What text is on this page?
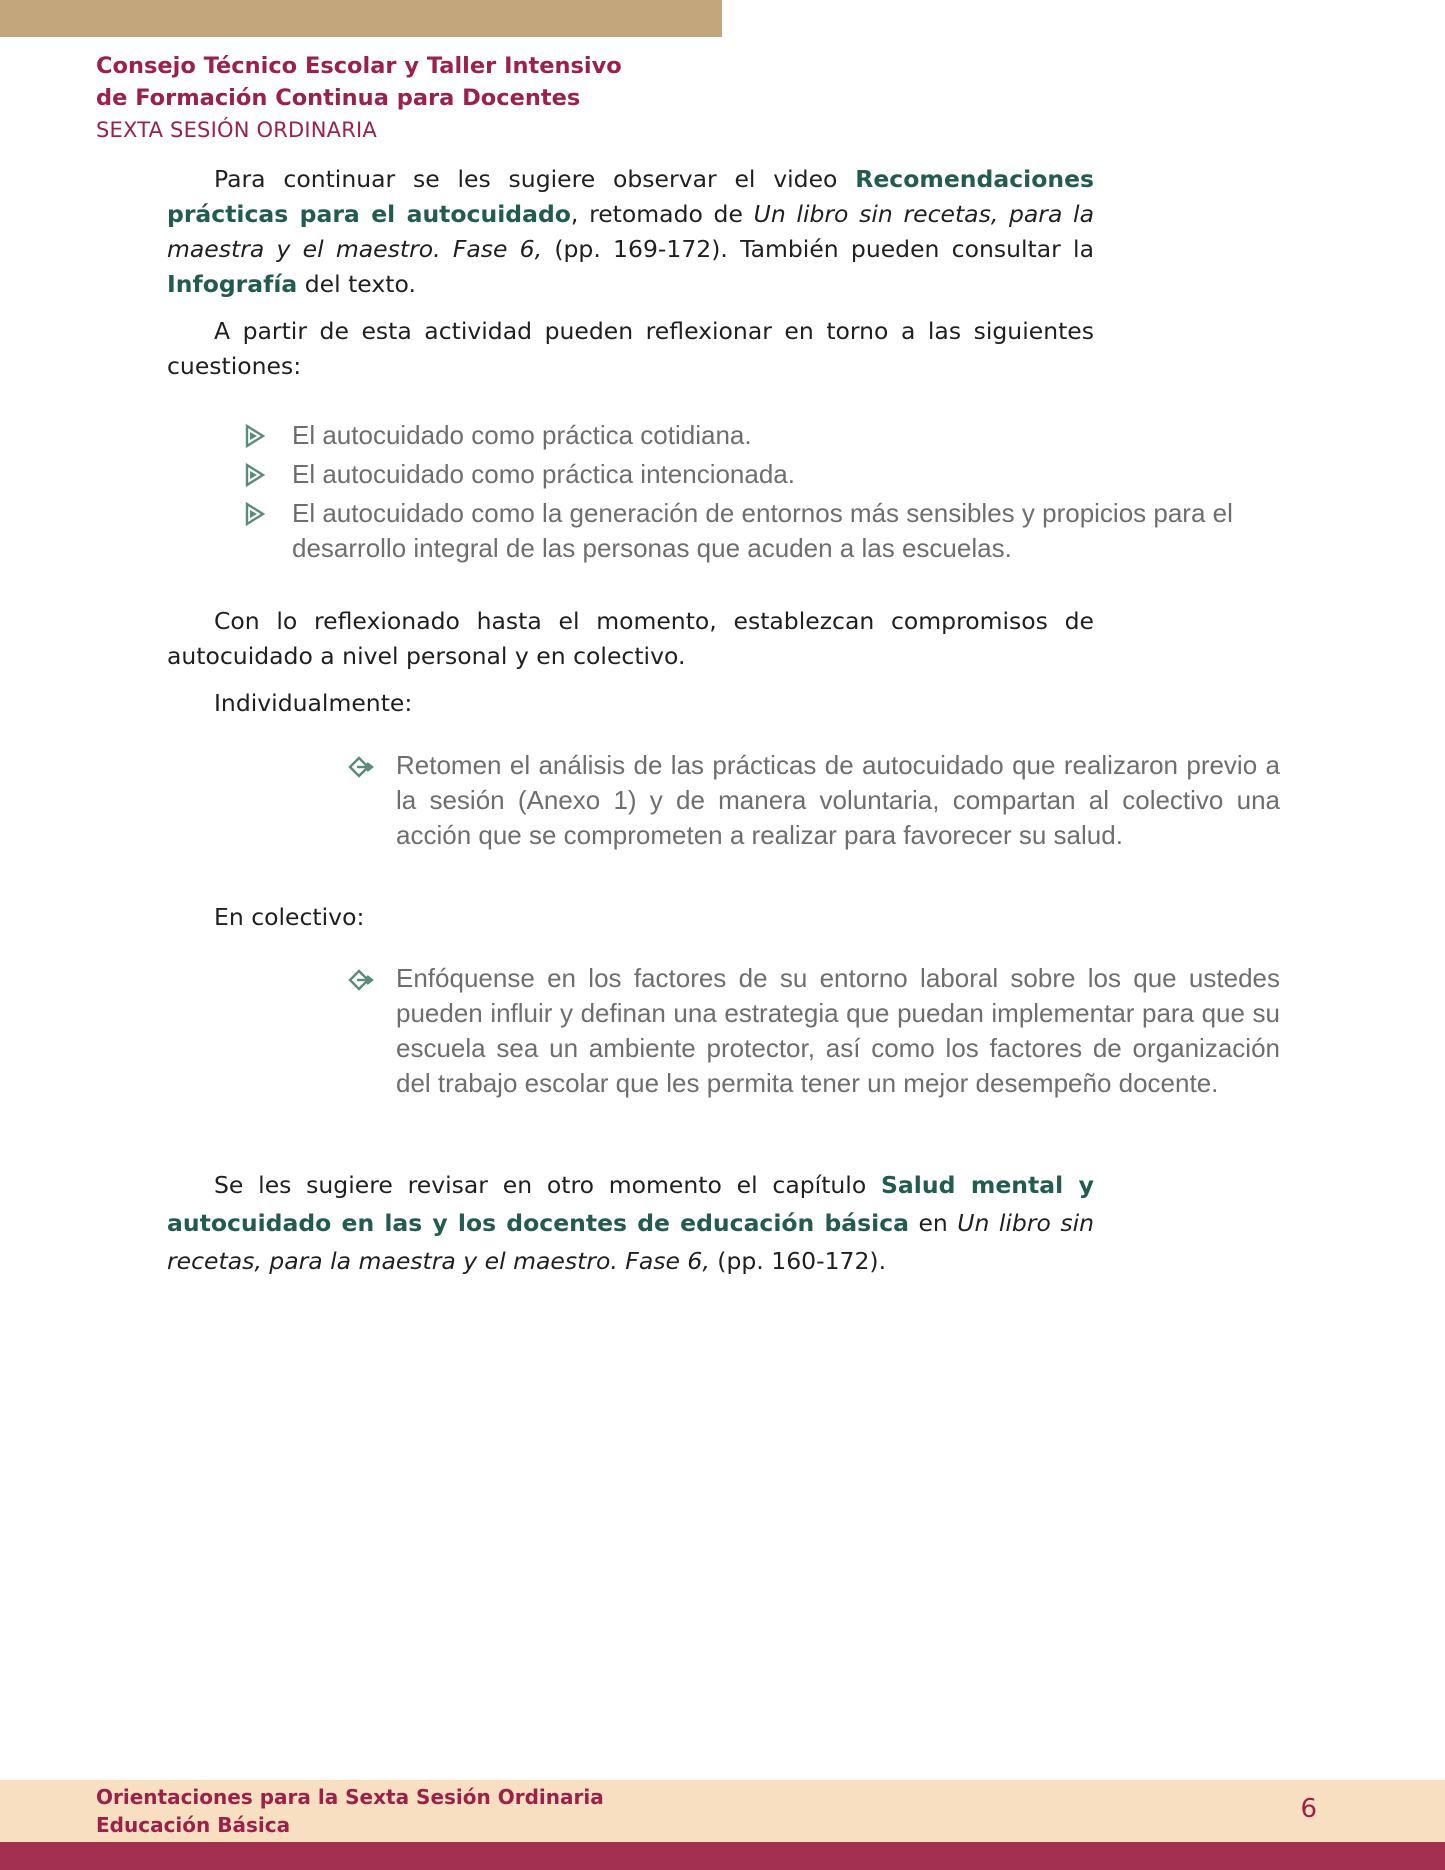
Consejo Técnico Escolar y Taller Intensivo
de Formación Continua para Docentes
SEXTA SESIÓN ORDINARIA
Para continuar se les sugiere observar el video Recomendaciones prácticas para el autocuidado, retomado de Un libro sin recetas, para la maestra y el maestro. Fase 6, (pp. 169-172). También pueden consultar la Infografía del texto.
A partir de esta actividad pueden reflexionar en torno a las siguientes cuestiones:
El autocuidado como práctica cotidiana.
El autocuidado como práctica intencionada.
El autocuidado como la generación de entornos más sensibles y propicios para el desarrollo integral de las personas que acuden a las escuelas.
Con lo reflexionado hasta el momento, establezcan compromisos de autocuidado a nivel personal y en colectivo.
Individualmente:
Retomen el análisis de las prácticas de autocuidado que realizaron previo a la sesión (Anexo 1) y de manera voluntaria, compartan al colectivo una acción que se comprometen a realizar para favorecer su salud.
En colectivo:
Enfóquense en los factores de su entorno laboral sobre los que ustedes pueden influir y definan una estrategia que puedan implementar para que su escuela sea un ambiente protector, así como los factores de organización del trabajo escolar que les permita tener un mejor desempeño docente.
Se les sugiere revisar en otro momento el capítulo Salud mental y autocuidado en las y los docentes de educación básica en Un libro sin recetas, para la maestra y el maestro. Fase 6, (pp. 160-172).
Orientaciones para la Sexta Sesión Ordinaria
Educación Básica
6
